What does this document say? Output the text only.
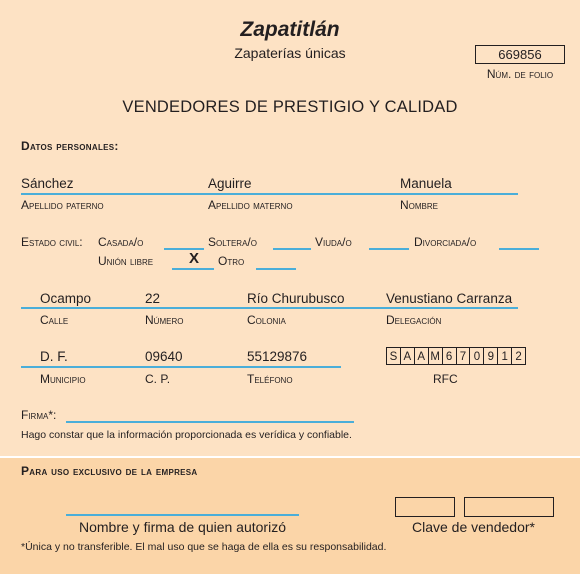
Zapatitlán
Zapaterías únicas	669856
Núm. de folio
VENDEDORES DE PRESTIGIO Y CALIDAD
Datos personales:
Sánchez	Aguirre	Manuela
Apellido paterno	Apellido materno	Nombre
Estado civil: Casada/o	Soltera/o	Viuda/o	Divorciada/o
Unión libre X Otro
Ocampo	22	Río Churubusco	Venustiano Carranza
Calle	Número	Colonia	Delegación
D. F.	09640	55129876	S A A M 6 7 0 9 1 2
Municipio	C. P.	Teléfono	RFC
Firma*:
Hago constar que la información proporcionada es verídica y confiable.
Para uso exclusivo de la empresa
Nombre y firma de quien autorizó	Clave de vendedor*
*Única y no transferible. El mal uso que se haga de ella es su responsabilidad.
